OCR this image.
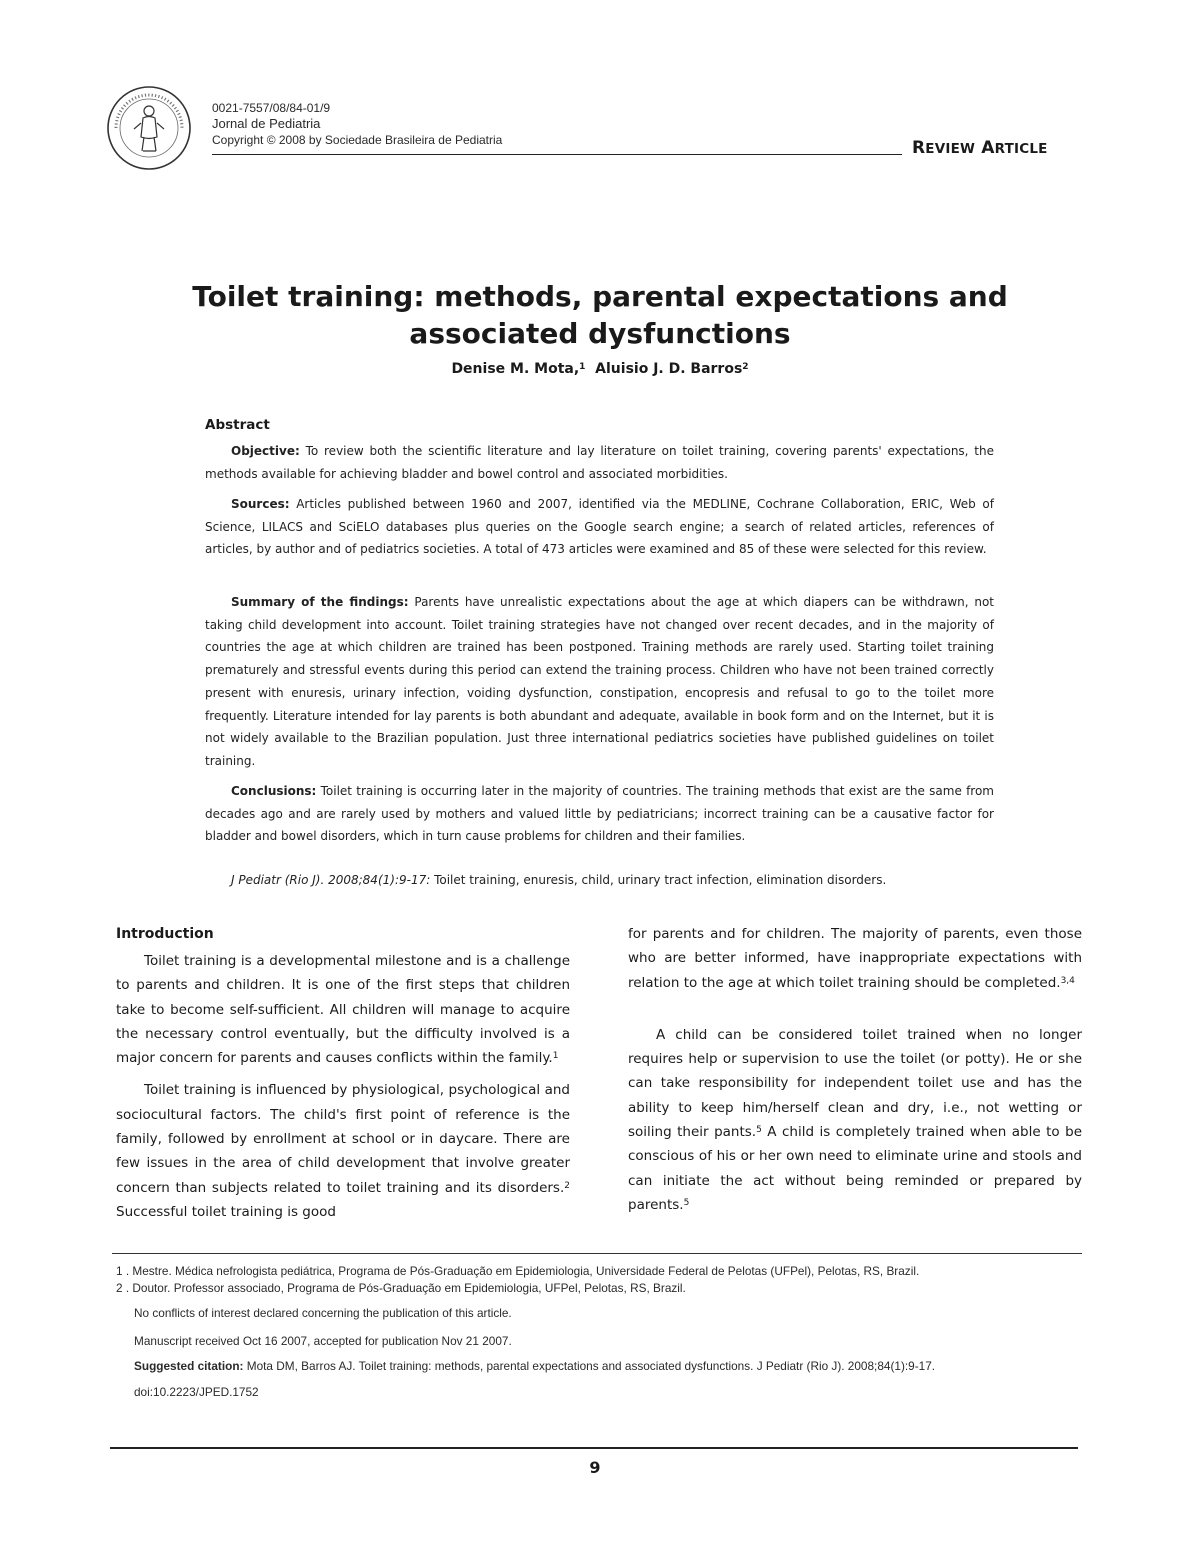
0021-7557/08/84-01/9
Jornal de Pediatria
Copyright © 2008 by Sociedade Brasileira de Pediatria	REVIEW ARTICLE
Toilet training: methods, parental expectations and associated dysfunctions
Denise M. Mota,$^1$ Aluisio J. D. Barros$^2$
Abstract

Objective: To review both the scientific literature and lay literature on toilet training, covering parents' expectations, the methods available for achieving bladder and bowel control and associated morbidities.

Sources: Articles published between 1960 and 2007, identified via the MEDLINE, Cochrane Collaboration, ERIC, Web of Science, LILACS and SciELO databases plus queries on the Google search engine; a search of related articles, references of articles, by author and of pediatrics societies. A total of 473 articles were examined and 85 of these were selected for this review.

Summary of the findings: Parents have unrealistic expectations about the age at which diapers can be withdrawn, not taking child development into account. Toilet training strategies have not changed over recent decades, and in the majority of countries the age at which children are trained has been postponed. Training methods are rarely used. Starting toilet training prematurely and stressful events during this period can extend the training process. Children who have not been trained correctly present with enuresis, urinary infection, voiding dysfunction, constipation, encopresis and refusal to go to the toilet more frequently. Literature intended for lay parents is both abundant and adequate, available in book form and on the Internet, but it is not widely available to the Brazilian population. Just three international pediatrics societies have published guidelines on toilet training.

Conclusions: Toilet training is occurring later in the majority of countries. The training methods that exist are the same from decades ago and are rarely used by mothers and valued little by pediatricians; incorrect training can be a causative factor for bladder and bowel disorders, which in turn cause problems for children and their families.

J Pediatr (Rio J). 2008;84(1):9-17: Toilet training, enuresis, child, urinary tract infection, elimination disorders.
Introduction

Toilet training is a developmental milestone and is a challenge to parents and children. It is one of the first steps that children take to become self-sufficient. All children will manage to acquire the necessary control eventually, but the difficulty involved is a major concern for parents and causes conflicts within the family.$^1$

Toilet training is influenced by physiological, psychological and sociocultural factors. The child's first point of reference is the family, followed by enrollment at school or in daycare. There are few issues in the area of child development that involve greater concern than subjects related to toilet training and its disorders.$^2$ Successful toilet training is good

for parents and for children. The majority of parents, even those who are better informed, have inappropriate expectations with relation to the age at which toilet training should be completed.$^{3,4}$

A child can be considered toilet trained when no longer requires help or supervision to use the toilet (or potty). He or she can take responsibility for independent toilet use and has the ability to keep him/herself clean and dry, i.e., not wetting or soiling their pants.$^5$ A child is completely trained when able to be conscious of his or her own need to eliminate urine and stools and can initiate the act without being reminded or prepared by parents.$^5$

1 . Mestre. Médica nefrologista pediátrica, Programa de Pós-Graduação em Epidemiologia, Universidade Federal de Pelotas (UFPel), Pelotas, RS, Brazil.
2 . Doutor. Professor associado, Programa de Pós-Graduação em Epidemiologia, UFPel, Pelotas, RS, Brazil.
No conflicts of interest declared concerning the publication of this article.
Manuscript received Oct 16 2007, accepted for publication Nov 21 2007.
Suggested citation: Mota DM, Barros AJ. Toilet training: methods, parental expectations and associated dysfunctions. J Pediatr (Rio J). 2008;84(1):9-17.
doi:10.2223/JPED.1752
9
